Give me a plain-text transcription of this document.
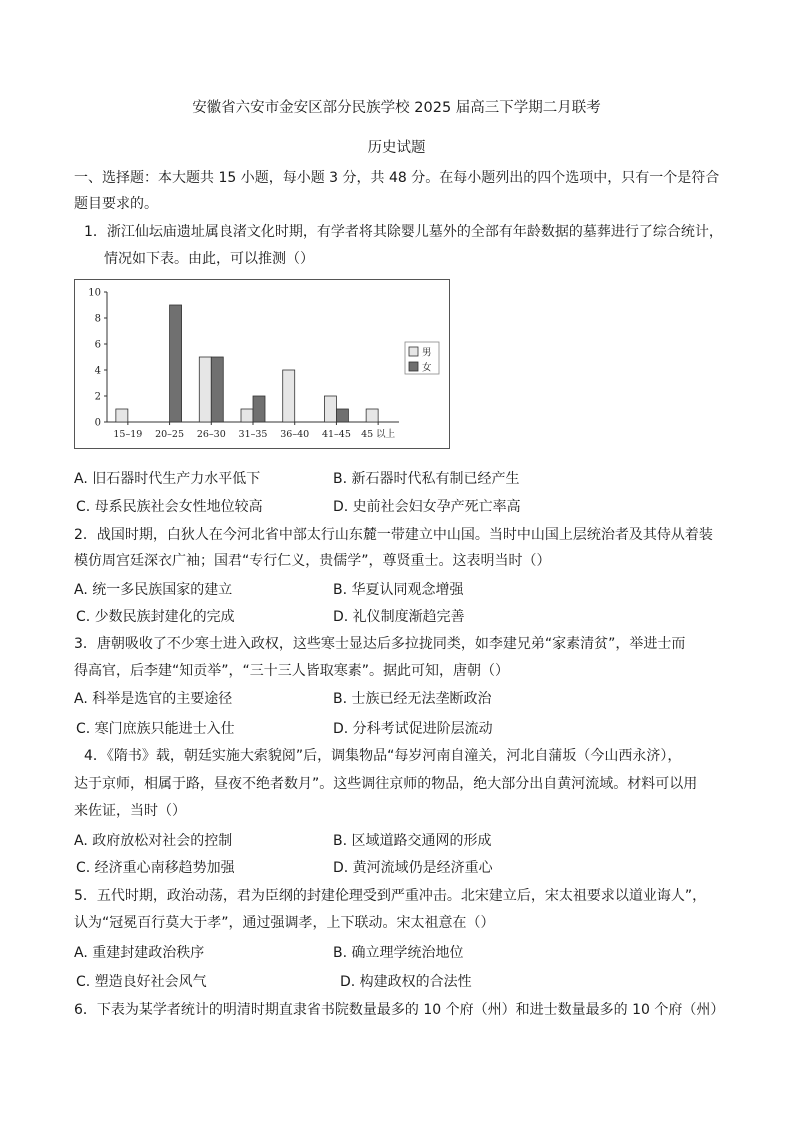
安徽省六安市金安区部分民族学校 2025 届高三下学期二月联考
历史试题
一、选择题：本大题共 15 小题，每小题 3 分，共 48 分。在每小题列出的四个选项中，只有一个是符合
题目要求的。
1．浙江仙坛庙遗址属良渚文化时期，有学者将其除婴儿墓外的全部有年龄数据的墓葬进行了综合统计，
情况如下表。由此，可以推测（）
0
2
4
6
8
10
15–19 20–25 26–30 31–35 36–40 41–45 45 以上
男
女
A. 旧石器时代生产力水平低下	B. 新石器时代私有制已经产生
C. 母系民族社会女性地位较高	D. 史前社会妇女孕产死亡率高
2．战国时期，白狄人在今河北省中部太行山东麓一带建立中山国。当时中山国上层统治者及其侍从着装
模仿周宫廷深衣广袖；国君“专行仁义，贵儒学”，尊贤重士。这表明当时（）
A. 统一多民族国家的建立	B. 华夏认同观念增强
C. 少数民族封建化的完成	D. 礼仪制度渐趋完善
3．唐朝吸收了不少寒士进入政权，这些寒士显达后多拉拢同类，如李建兄弟“家素清贫”，举进士而
得高官，后李建“知贡举”，“三十三人皆取寒素”。据此可知，唐朝（）
A. 科举是选官的主要途径	B. 士族已经无法垄断政治
C. 寒门庶族只能进士入仕	D. 分科考试促进阶层流动
4．《隋书》载，朝廷实施大索貌阅”后，调集物品“每岁河南自潼关，河北自蒲坂（今山西永济），
达于京师，相属于路，昼夜不绝者数月”。这些调往京师的物品，绝大部分出自黄河流域。材料可以用
来佐证，当时（）
A. 政府放松对社会的控制	B. 区域道路交通网的形成
C. 经济重心南移趋势加强	D. 黄河流域仍是经济重心
5．五代时期，政治动荡，君为臣纲的封建伦理受到严重冲击。北宋建立后，宋太祖要求以道业诲人”，
认为“冠冕百行莫大于孝”，通过强调孝，上下联动。宋太祖意在（）
A. 重建封建政治秩序	B. 确立理学统治地位
C. 塑造良好社会风气	D. 构建政权的合法性
6．下表为某学者统计的明清时期直隶省书院数量最多的 10 个府（州）和进士数量最多的 10 个府（州）
